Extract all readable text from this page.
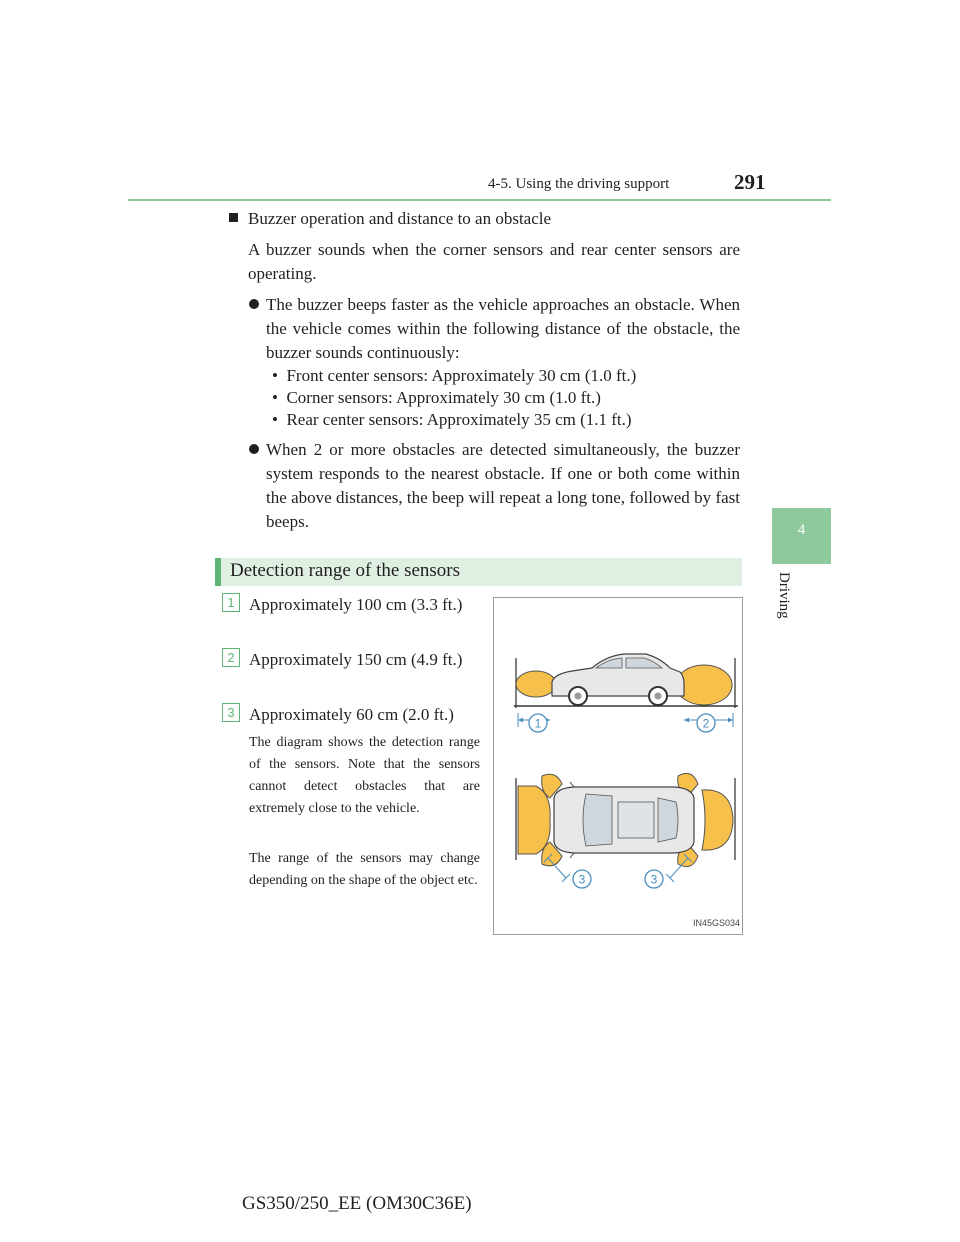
4-5. Using the driving support	291
4
Driving
Buzzer operation and distance to an obstacle
A buzzer sounds when the corner sensors and rear center sensors are operating.
The buzzer beeps faster as the vehicle approaches an obstacle. When the vehicle comes within the following distance of the obstacle, the buzzer sounds continuously:
•  Front center sensors: Approximately 30 cm (1.0 ft.)
•  Corner sensors: Approximately 30 cm (1.0 ft.)
•  Rear center sensors: Approximately 35 cm (1.1 ft.)
When 2 or more obstacles are detected simultaneously, the buzzer system responds to the nearest obstacle. If one or both come within the above distances, the beep will repeat a long tone, followed by fast beeps.
Detection range of the sensors
1 Approximately 100 cm (3.3 ft.)
2 Approximately 150 cm (4.9 ft.)
3 Approximately 60 cm (2.0 ft.)
The diagram shows the detection range of the sensors. Note that the sensors cannot detect obstacles that are extremely close to the vehicle.
The range of the sensors may change depending on the shape of the object etc.
1	2
3	3
IN45GS034
GS350/250_EE (OM30C36E)
